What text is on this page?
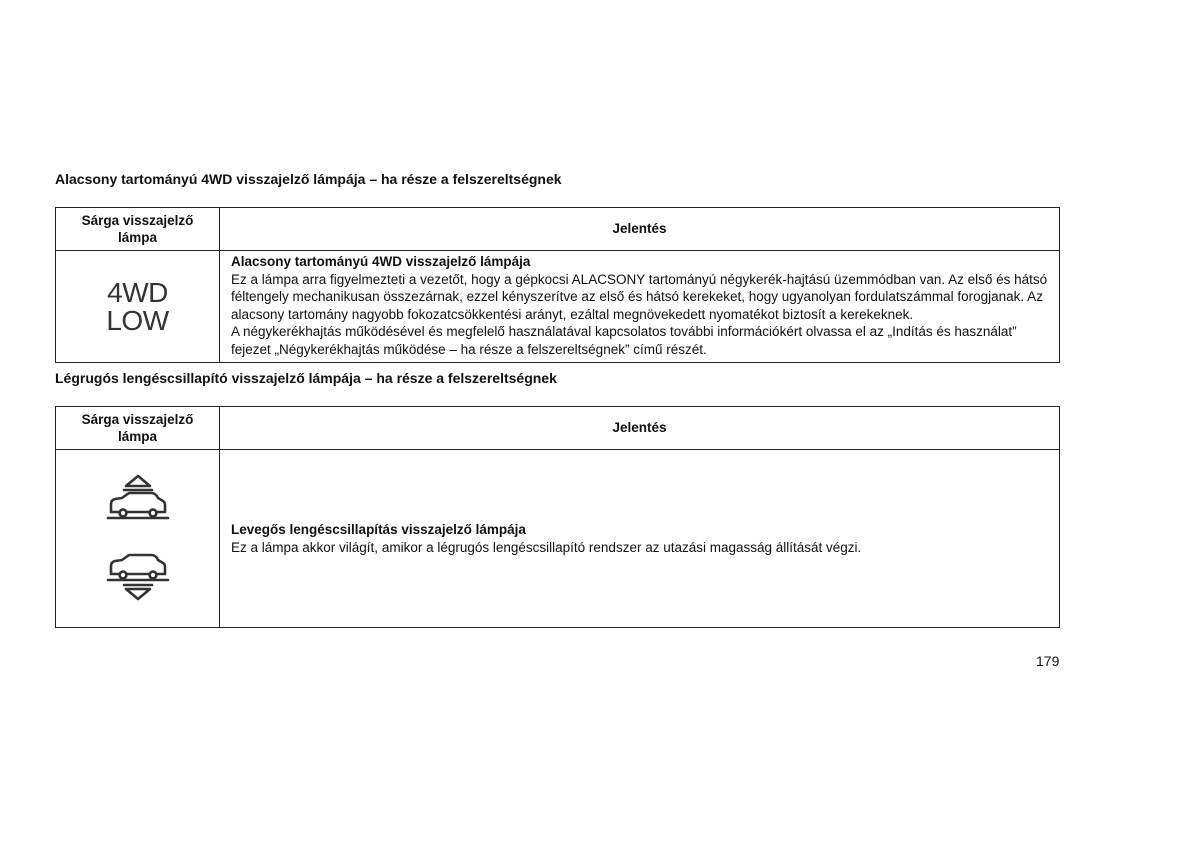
Alacsony tartományú 4WD visszajelző lámpája – ha része a felszereltségnek
Sárga visszajelző lámpa	Jelentés

4WD
LOW	Alacsony tartományú 4WD visszajelző lámpája
Ez a lámpa arra figyelmezteti a vezetőt, hogy a gépkocsi ALACSONY tartományú négykerék-hajtású üzemmódban van. Az első és hátsó féltengely mechanikusan összezárnak, ezzel kényszerítve az első és hátsó kerekeket, hogy ugyanolyan fordulatszámmal forogjanak. Az alacsony tartomány nagyobb fokozatcsökkentési arányt, ezáltal megnövekedett nyomatékot biztosít a kerekeknek.
A négykerékhajtás működésével és megfelelő használatával kapcsolatos további információkért olvassa el az „Indítás és használat” fejezet „Négykerékhajtás működése – ha része a felszereltségnek” című részét.
Légrugós lengéscsillapító visszajelző lámpája – ha része a felszereltségnek
Sárga visszajelző lámpa	Jelentés

Levegős lengéscsillapítás visszajelző lámpája
Ez a lámpa akkor világít, amikor a légrugós lengéscsillapító rendszer az utazási magasság állítását végzi.
179
